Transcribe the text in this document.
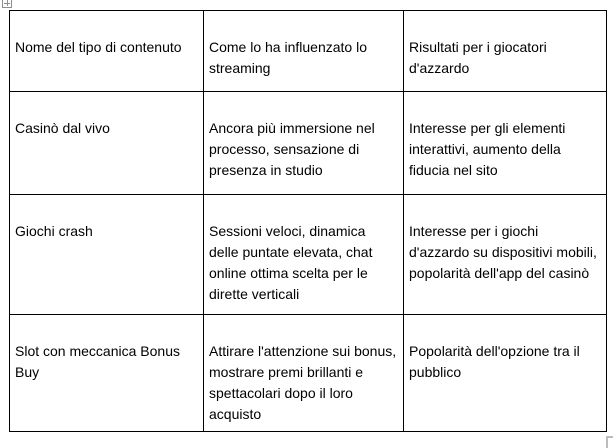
Nome del tipo di contenuto	Come lo ha influenzato lo streaming	Risultati per i giocatori d'azzardo
Casinò dal vivo	Ancora più immersione nel processo, sensazione di presenza in studio	Interesse per gli elementi interattivi, aumento della fiducia nel sito
Giochi crash	Sessioni veloci, dinamica delle puntate elevata, chat online ottima scelta per le dirette verticali	Interesse per i giochi d'azzardo su dispositivi mobili, popolarità dell'app del casinò
Slot con meccanica Bonus Buy	Attirare l'attenzione sui bonus, mostrare premi brillanti e spettacolari dopo il loro acquisto	Popolarità dell'opzione tra il pubblico
